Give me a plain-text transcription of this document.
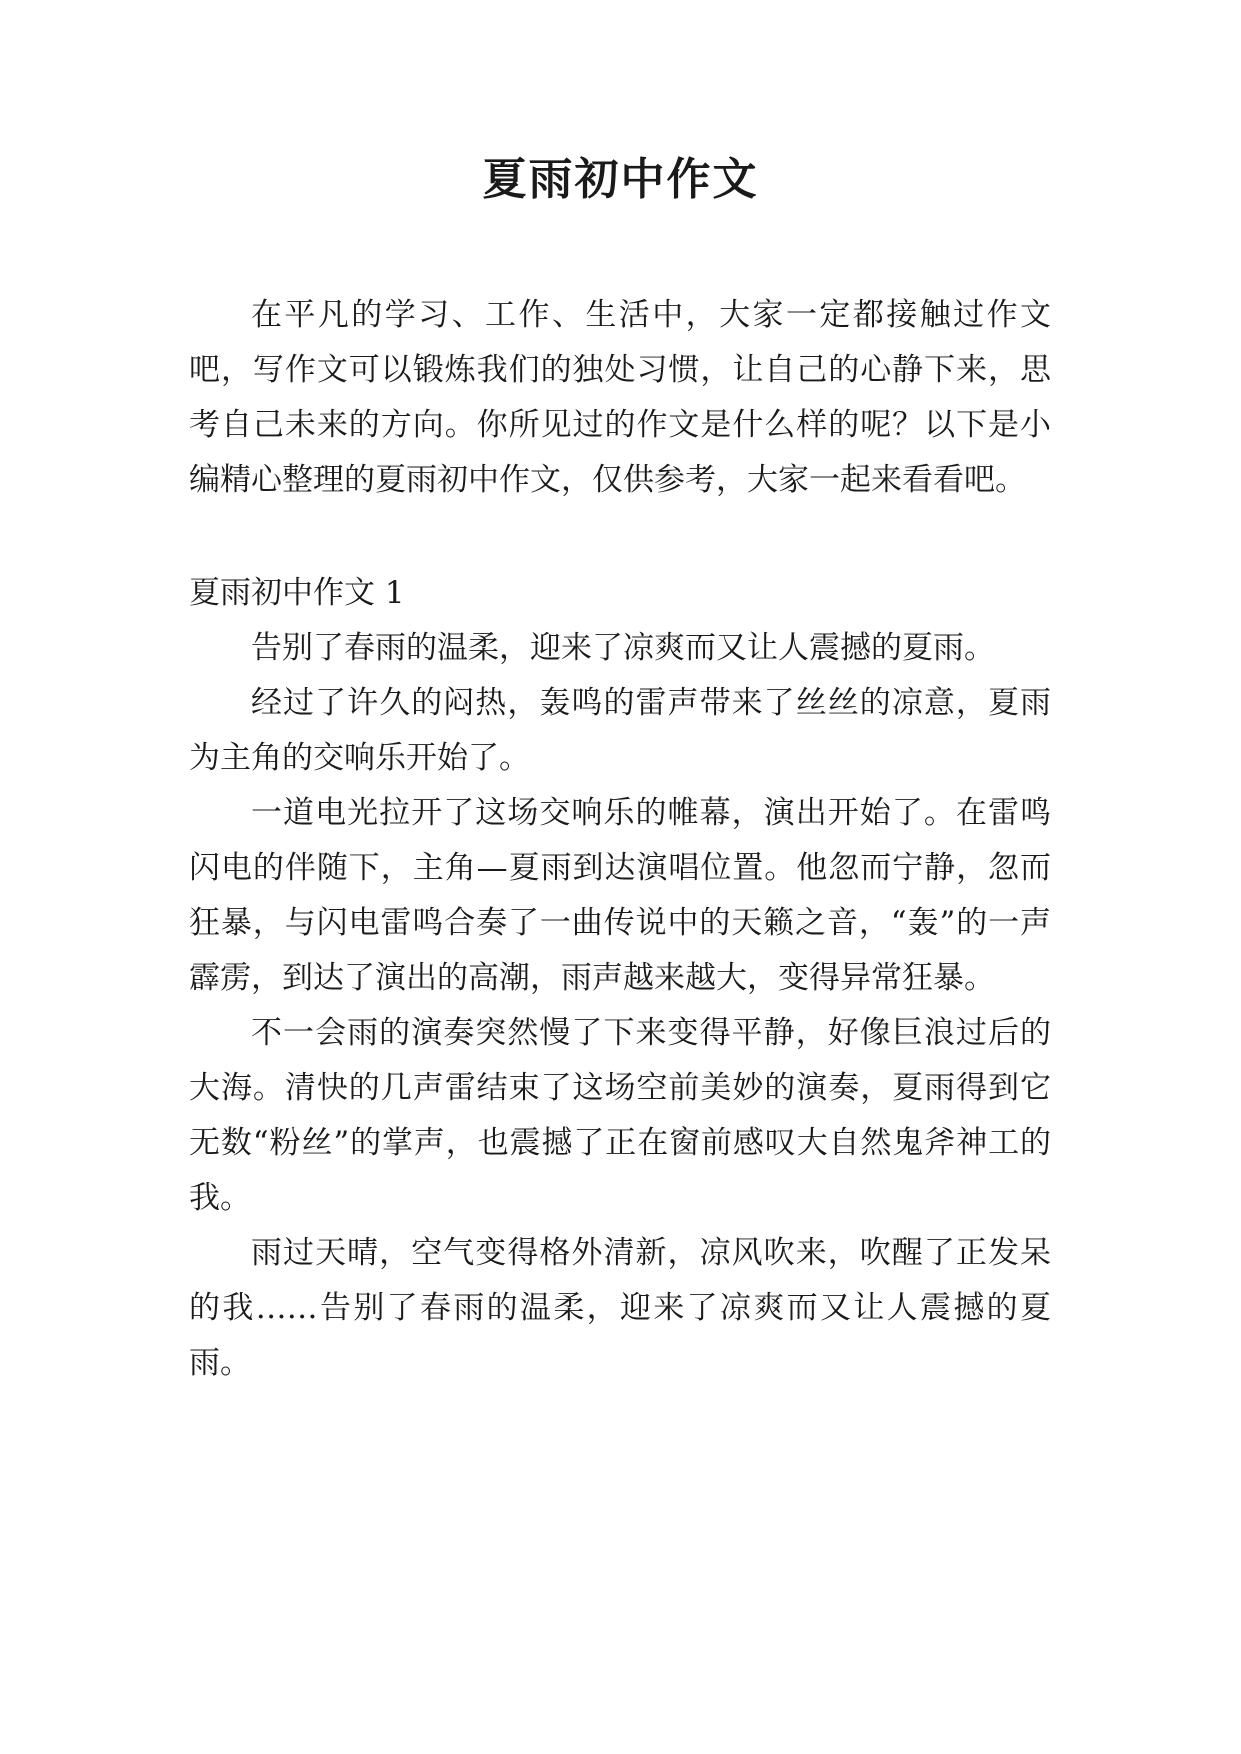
夏雨初中作文

在平凡的学习、工作、生活中，大家一定都接触过作文吧，写作文可以锻炼我们的独处习惯，让自己的心静下来，思考自己未来的方向。你所见过的作文是什么样的呢？以下是小编精心整理的夏雨初中作文，仅供参考，大家一起来看看吧。

夏雨初中作文 1

告别了春雨的温柔，迎来了凉爽而又让人震撼的夏雨。

经过了许久的闷热，轰鸣的雷声带来了丝丝的凉意，夏雨为主角的交响乐开始了。

一道电光拉开了这场交响乐的帷幕，演出开始了。在雷鸣闪电的伴随下，主角—夏雨到达演唱位置。他忽而宁静，忽而狂暴，与闪电雷鸣合奏了一曲传说中的天籁之音，“轰”的一声霹雳，到达了演出的高潮，雨声越来越大，变得异常狂暴。

不一会雨的演奏突然慢了下来变得平静，好像巨浪过后的大海。清快的几声雷结束了这场空前美妙的演奏，夏雨得到它无数“粉丝”的掌声，也震撼了正在窗前感叹大自然鬼斧神工的我。

雨过天晴，空气变得格外清新，凉风吹来，吹醒了正发呆的我……告别了春雨的温柔，迎来了凉爽而又让人震撼的夏雨。
